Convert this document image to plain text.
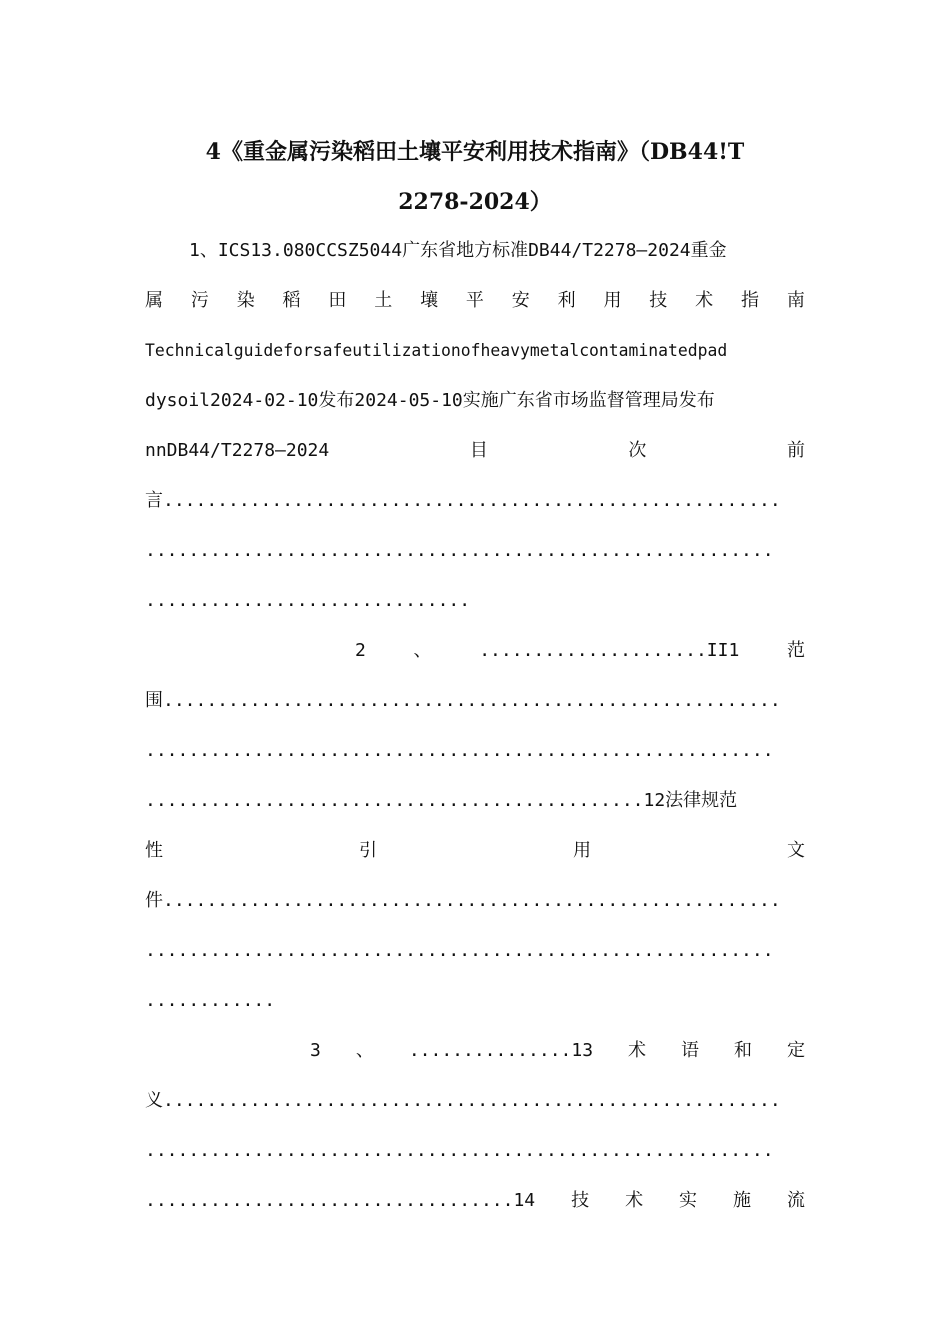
4《重金属污染稻田土壤平安利用技术指南》（DB44!T
2278-2024）
1、ICS13.080CCSZ5044广东省地方标准DB44/T2278—2024重金
属 污 染 稻 田 土 壤 平 安 利 用 技 术 指 南
Technicalguideforsafeutilizationofheavymetalcontaminatedpad
dysoil2024-02-10发布2024-05-10实施广东省市场监督管理局发布
nnDB44/T2278—2024	目	次	前
言.........................................................
..........................................................
..............................
2	、	.....................II1	范
围.........................................................
..........................................................
..............................................12法律规范
性	引	用	文
件.........................................................
..........................................................
............
3 、 ...............13 术 语 和 定
义.........................................................
..........................................................
..................................14 技 术 实 施 流
